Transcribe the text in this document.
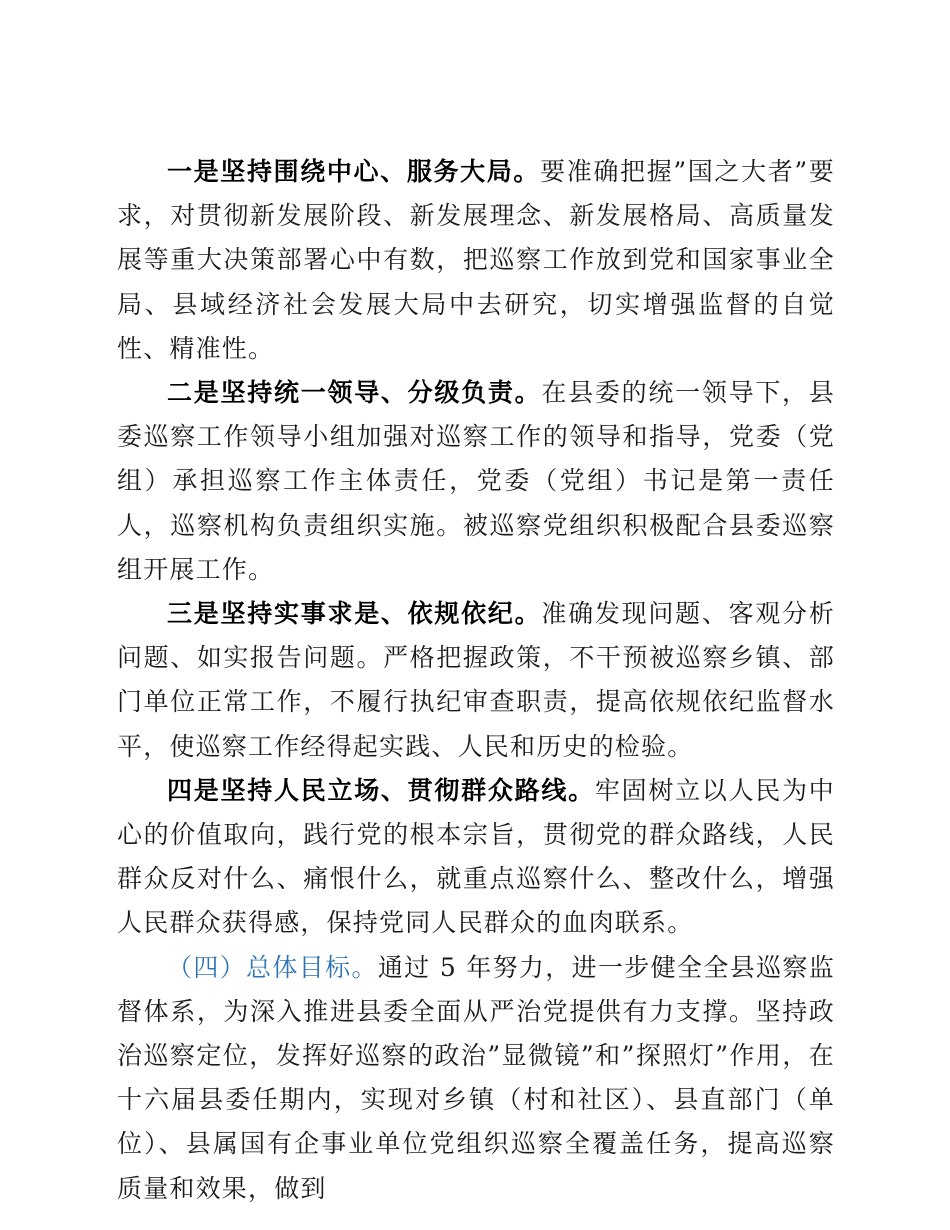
一是坚持围绕中心、服务大局。要准确把握”国之大者”要求，对贯彻新发展阶段、新发展理念、新发展格局、高质量发展等重大决策部署心中有数，把巡察工作放到党和国家事业全局、县域经济社会发展大局中去研究，切实增强监督的自觉性、精准性。

二是坚持统一领导、分级负责。在县委的统一领导下，县委巡察工作领导小组加强对巡察工作的领导和指导，党委（党组）承担巡察工作主体责任，党委（党组）书记是第一责任人，巡察机构负责组织实施。被巡察党组织积极配合县委巡察组开展工作。

三是坚持实事求是、依规依纪。准确发现问题、客观分析问题、如实报告问题。严格把握政策，不干预被巡察乡镇、部门单位正常工作，不履行执纪审查职责，提高依规依纪监督水平，使巡察工作经得起实践、人民和历史的检验。

四是坚持人民立场、贯彻群众路线。牢固树立以人民为中心的价值取向，践行党的根本宗旨，贯彻党的群众路线，人民群众反对什么、痛恨什么，就重点巡察什么、整改什么，增强人民群众获得感，保持党同人民群众的血肉联系。

（四）总体目标。通过 5 年努力，进一步健全全县巡察监督体系，为深入推进县委全面从严治党提供有力支撑。坚持政治巡察定位，发挥好巡察的政治”显微镜”和”探照灯”作用，在十六届县委任期内，实现对乡镇（村和社区）、县直部门（单位）、县属国有企事业单位党组织巡察全覆盖任务，提高巡察质量和效果，做到
